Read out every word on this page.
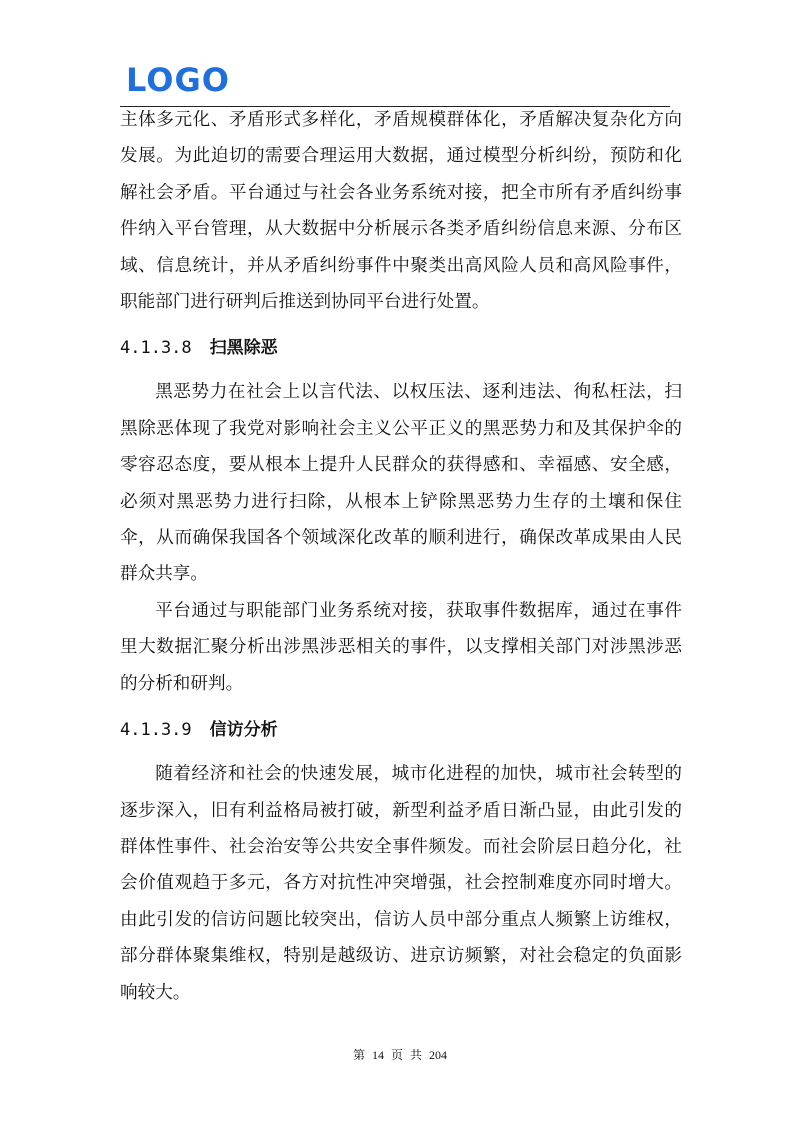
LOGO

主体多元化、矛盾形式多样化，矛盾规模群体化，矛盾解决复杂化方向发展。为此迫切的需要合理运用大数据，通过模型分析纠纷，预防和化解社会矛盾。平台通过与社会各业务系统对接，把全市所有矛盾纠纷事件纳入平台管理，从大数据中分析展示各类矛盾纠纷信息来源、分布区域、信息统计，并从矛盾纠纷事件中聚类出高风险人员和高风险事件，职能部门进行研判后推送到协同平台进行处置。

4.1.3.8 扫黑除恶

黑恶势力在社会上以言代法、以权压法、逐利违法、徇私枉法，扫黑除恶体现了我党对影响社会主义公平正义的黑恶势力和及其保护伞的零容忍态度，要从根本上提升人民群众的获得感和、幸福感、安全感，必须对黑恶势力进行扫除，从根本上铲除黑恶势力生存的土壤和保住伞，从而确保我国各个领域深化改革的顺利进行，确保改革成果由人民群众共享。

平台通过与职能部门业务系统对接，获取事件数据库，通过在事件里大数据汇聚分析出涉黑涉恶相关的事件，以支撑相关部门对涉黑涉恶的分析和研判。

4.1.3.9 信访分析

随着经济和社会的快速发展，城市化进程的加快，城市社会转型的逐步深入，旧有利益格局被打破，新型利益矛盾日渐凸显，由此引发的群体性事件、社会治安等公共安全事件频发。而社会阶层日趋分化，社会价值观趋于多元，各方对抗性冲突增强，社会控制难度亦同时增大。由此引发的信访问题比较突出，信访人员中部分重点人频繁上访维权，部分群体聚集维权，特别是越级访、进京访频繁，对社会稳定的负面影响较大。

第 14 页 共 204
